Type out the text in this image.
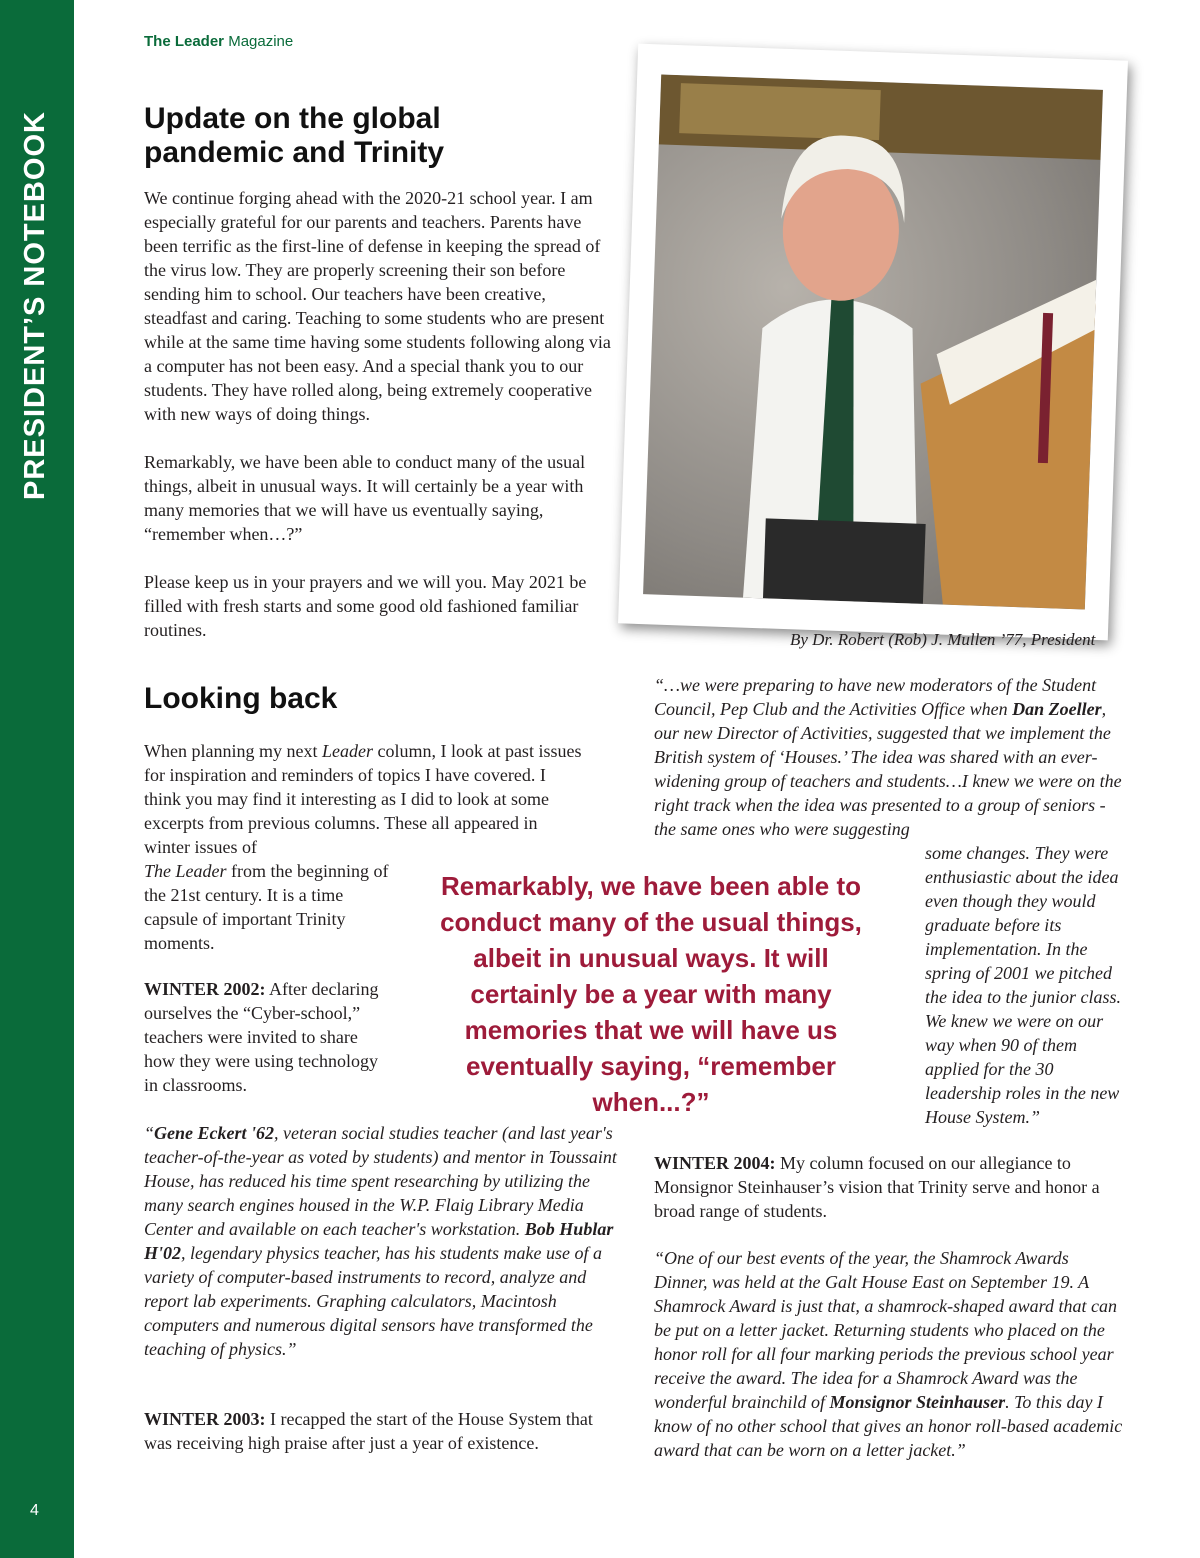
PRESIDENT’S NOTEBOOK
4
The Leader Magazine
Update on the global
pandemic and Trinity

We continue forging ahead with the 2020-21 school year. I am especially grateful for our parents and teachers. Parents have been terrific as the first-line of defense in keeping the spread of the virus low. They are properly screening their son before sending him to school. Our teachers have been creative, steadfast and caring. Teaching to some students who are present while at the same time having some students following along via a computer has not been easy. And a special thank you to our students. They have rolled along, being extremely cooperative with new ways of doing things.

Remarkably, we have been able to conduct many of the usual things, albeit in unusual ways. It will certainly be a year with many memories that we will have us eventually saying, “remember when…?”

Please keep us in your prayers and we will you. May 2021 be filled with fresh starts and some good old fashioned familiar routines.	By Dr. Robert (Rob) J. Mullen ’77, President
Looking back
When planning my next Leader column, I look at past issues for inspiration and reminders of topics I have covered. I think you may find it interesting as I did to look at some excerpts from previous columns. These all appeared in winter issues of
The Leader from the beginning of the 21st century. It is a time capsule of important Trinity moments.
WINTER 2002: After declaring ourselves the “Cyber-school,” teachers were invited to share how they were using technology in classrooms.
“Gene Eckert '62, veteran social studies teacher (and last year's teacher-of-the-year as voted by students) and mentor in Toussaint House, has reduced his time spent researching by utilizing the many search engines housed in the W.P. Flaig Library Media Center and available on each teacher's workstation. Bob Hublar H'02, legendary physics teacher, has his students make use of a variety of computer-based instruments to record, analyze and report lab experiments. Graphing calculators, Macintosh computers and numerous digital sensors have transformed the teaching of physics.”
WINTER 2003: I recapped the start of the House System that was receiving high praise after just a year of existence.
“…we were preparing to have new moderators of the Student Council, Pep Club and the Activities Office when Dan Zoeller, our new Director of Activities, suggested that we implement the British system of ‘Houses.’ The idea was shared with an ever-widening group of teachers and students…I knew we were on the right track when the idea was presented to a group of seniors - the same ones who were suggesting
some changes. They were enthusiastic about the idea even though they would graduate before its implementation. In the spring of 2001 we pitched the idea to the junior class. We knew we were on our way when 90 of them applied for the 30 leadership roles in the new House System.”

Remarkably, we have been able to conduct many of the usual things, albeit in unusual ways. It will certainly be a year with many memories that we will have us eventually saying, “remember when...?”

WINTER 2004: My column focused on our allegiance to Monsignor Steinhauser’s vision that Trinity serve and honor a broad range of students.
“One of our best events of the year, the Shamrock Awards Dinner, was held at the Galt House East on September 19. A Shamrock Award is just that, a shamrock-shaped award that can be put on a letter jacket. Returning students who placed on the honor roll for all four marking periods the previous school year receive the award. The idea for a Shamrock Award was the wonderful brainchild of Monsignor Steinhauser. To this day I know of no other school that gives an honor roll-based academic award that can be worn on a letter jacket.”
